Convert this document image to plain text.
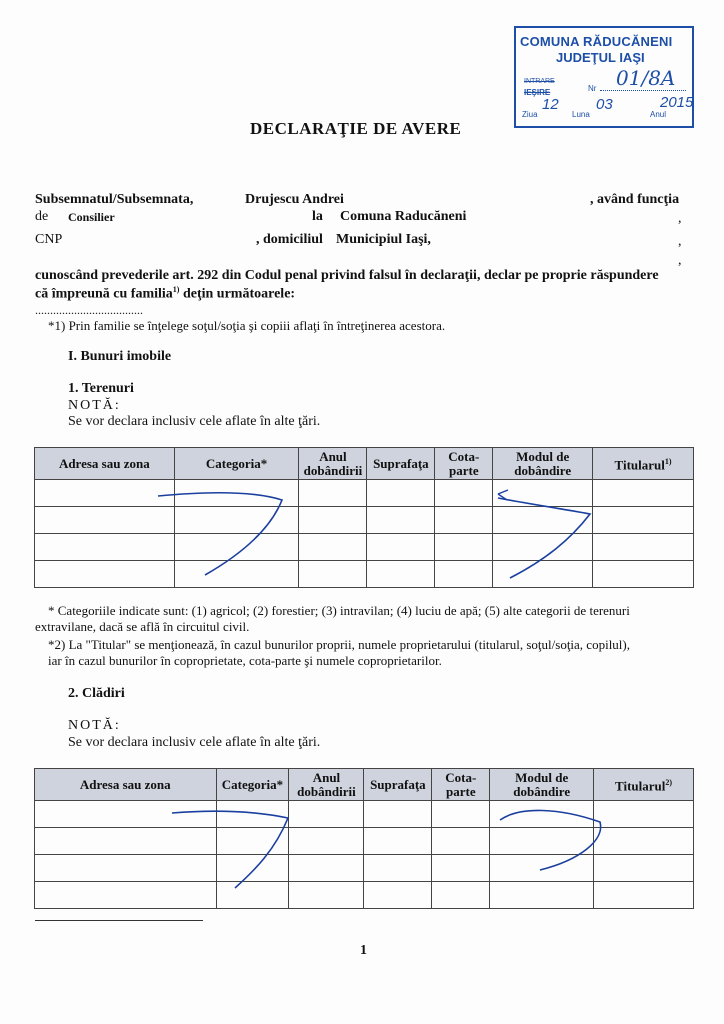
COMUNA RĂDUCĂNENI
JUDEŢUL IAŞI
INTRARE
IEŞIRE	Nr 01/8A
12 03	2015
Ziua	Luna	Anul
DECLARAŢIE DE AVERE
Subsemnatul/Subsemnata,	Drujescu Andrei	, având funcţia
de Consilier	la Comuna Raducăneni	,
CNP	, domiciliul Municipiul Iaşi,	,
,
cunoscând prevederile art. 292 din Codul penal privind falsul în declaraţii, declar pe proprie răspundere
că împreună cu familia$^{1)}$ deţin următoarele:
....................................
*1) Prin familie se înţelege soţul/soţia şi copiii aflaţi în întreţinerea acestora.
I. Bunuri imobile
1. Terenuri
NOTĂ:
Se vor declara inclusiv cele aflate în alte ţări.
Adresa sau zona	Categoria*	Anul dobândirii	Suprafaţa	Cota-parte	Modul de dobândire	Titularul$^{1)}$

* Categoriile indicate sunt: (1) agricol; (2) forestier; (3) intravilan; (4) luciu de apă; (5) alte categorii de terenuri
extravilane, dacă se află în circuitul civil.
*2) La "Titular" se menţionează, în cazul bunurilor proprii, numele proprietarului (titularul, soţul/soţia, copilul),
iar în cazul bunurilor în coproprietate, cota-parte şi numele coproprietarilor.
2. Clădiri
NOTĂ:
Se vor declara inclusiv cele aflate în alte ţări.
Adresa sau zona	Categoria*	Anul dobândirii	Suprafaţa	Cota-parte	Modul de dobândire	Titularul$^{2)}$

1
